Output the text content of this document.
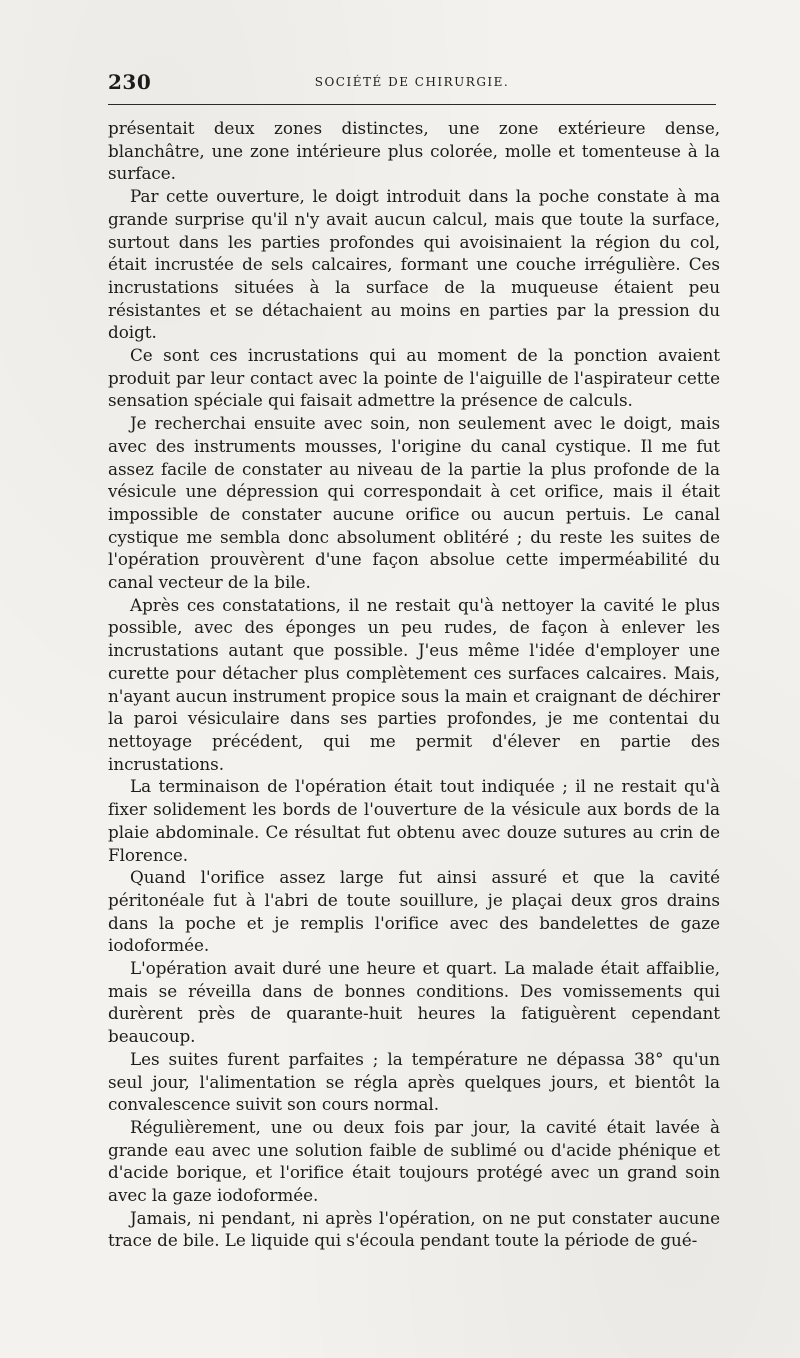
230	SOCIÉTÉ DE CHIRURGIE.

présentait deux zones distinctes, une zone extérieure dense, blanchâtre, une zone intérieure plus colorée, molle et tomenteuse à la surface.

Par cette ouverture, le doigt introduit dans la poche constate à ma grande surprise qu'il n'y avait aucun calcul, mais que toute la surface, surtout dans les parties profondes qui avoisinaient la région du col, était incrustée de sels calcaires, formant une couche irrégulière. Ces incrustations situées à la surface de la muqueuse étaient peu résistantes et se détachaient au moins en parties par la pression du doigt.

Ce sont ces incrustations qui au moment de la ponction avaient produit par leur contact avec la pointe de l'aiguille de l'aspirateur cette sensation spéciale qui faisait admettre la présence de calculs.

Je recherchai ensuite avec soin, non seulement avec le doigt, mais avec des instruments mousses, l'origine du canal cystique. Il me fut assez facile de constater au niveau de la partie la plus profonde de la vésicule une dépression qui correspondait à cet orifice, mais il était impossible de constater aucune orifice ou aucun pertuis. Le canal cystique me sembla donc absolument oblitéré ; du reste les suites de l'opération prouvèrent d'une façon absolue cette imperméabilité du canal vecteur de la bile.

Après ces constatations, il ne restait qu'à nettoyer la cavité le plus possible, avec des éponges un peu rudes, de façon à enlever les incrustations autant que possible. J'eus même l'idée d'employer une curette pour détacher plus complètement ces surfaces calcaires. Mais, n'ayant aucun instrument propice sous la main et craignant de déchirer la paroi vésiculaire dans ses parties profondes, je me contentai du nettoyage précédent, qui me permit d'élever en partie des incrustations.

La terminaison de l'opération était tout indiquée ; il ne restait qu'à fixer solidement les bords de l'ouverture de la vésicule aux bords de la plaie abdominale. Ce résultat fut obtenu avec douze sutures au crin de Florence.

Quand l'orifice assez large fut ainsi assuré et que la cavité péritonéale fut à l'abri de toute souillure, je plaçai deux gros drains dans la poche et je remplis l'orifice avec des bandelettes de gaze iodoformée.

L'opération avait duré une heure et quart. La malade était affaiblie, mais se réveilla dans de bonnes conditions. Des vomissements qui durèrent près de quarante-huit heures la fatiguèrent cependant beaucoup.

Les suites furent parfaites ; la température ne dépassa 38° qu'un seul jour, l'alimentation se régla après quelques jours, et bientôt la convalescence suivit son cours normal.

Régulièrement, une ou deux fois par jour, la cavité était lavée à grande eau avec une solution faible de sublimé ou d'acide phénique et d'acide borique, et l'orifice était toujours protégé avec un grand soin avec la gaze iodoformée.

Jamais, ni pendant, ni après l'opération, on ne put constater aucune trace de bile. Le liquide qui s'écoula pendant toute la période de gué-
